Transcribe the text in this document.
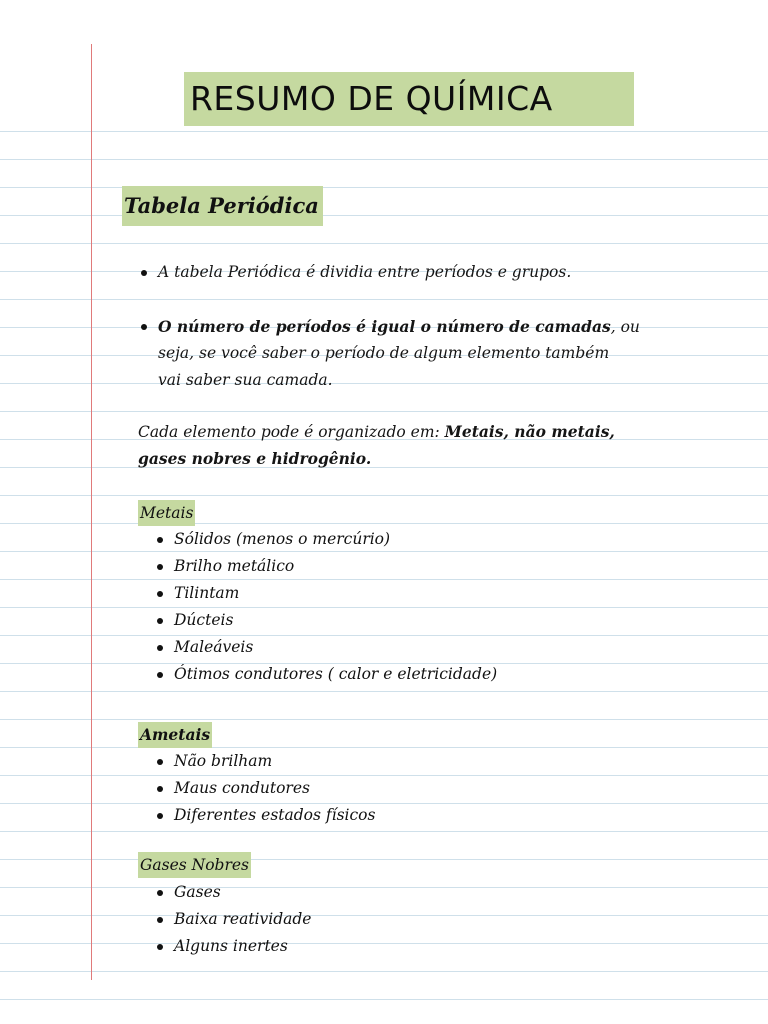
RESUMO DE QUÍMICA
Tabela Periódica
A tabela Periódica é dividia entre períodos e grupos.
O número de períodos é igual o número de camadas, ou
seja, se você saber o período de algum elemento também
vai saber sua camada.
Cada elemento pode é organizado em: Metais, não metais,
gases nobres e hidrogênio.
Metais
Sólidos (menos o mercúrio)
Brilho metálico
Tilintam
Dúcteis
Maleáveis
Ótimos condutores ( calor e eletricidade)
Ametais
Não brilham
Maus condutores
Diferentes estados físicos
Gases Nobres
Gases
Baixa reatividade
Alguns inertes
